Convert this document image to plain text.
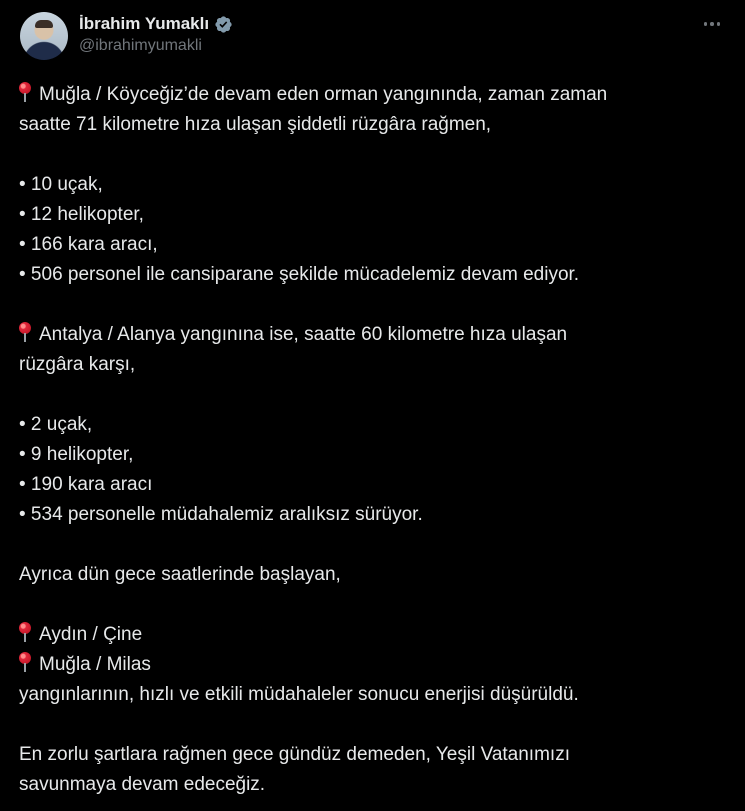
İbrahim Yumaklı
@ibrahimyumakli
Muğla / Köyceğiz’de devam eden orman yangınında, zaman zaman
saatte 71 kilometre hıza ulaşan şiddetli rüzgâra rağmen,
• 10 uçak,
• 12 helikopter,
• 166 kara aracı,
• 506 personel ile cansiparane şekilde mücadelemiz devam ediyor.
Antalya / Alanya yangınına ise, saatte 60 kilometre hıza ulaşan
rüzgâra karşı,
• 2 uçak,
• 9 helikopter,
• 190 kara aracı
• 534 personelle müdahalemiz aralıksız sürüyor.
Ayrıca dün gece saatlerinde başlayan,
Aydın / Çine
Muğla / Milas
yangınlarının, hızlı ve etkili müdahaleler sonucu enerjisi düşürüldü.
En zorlu şartlara rağmen gece gündüz demeden, Yeşil Vatanımızı
savunmaya devam edeceğiz.
